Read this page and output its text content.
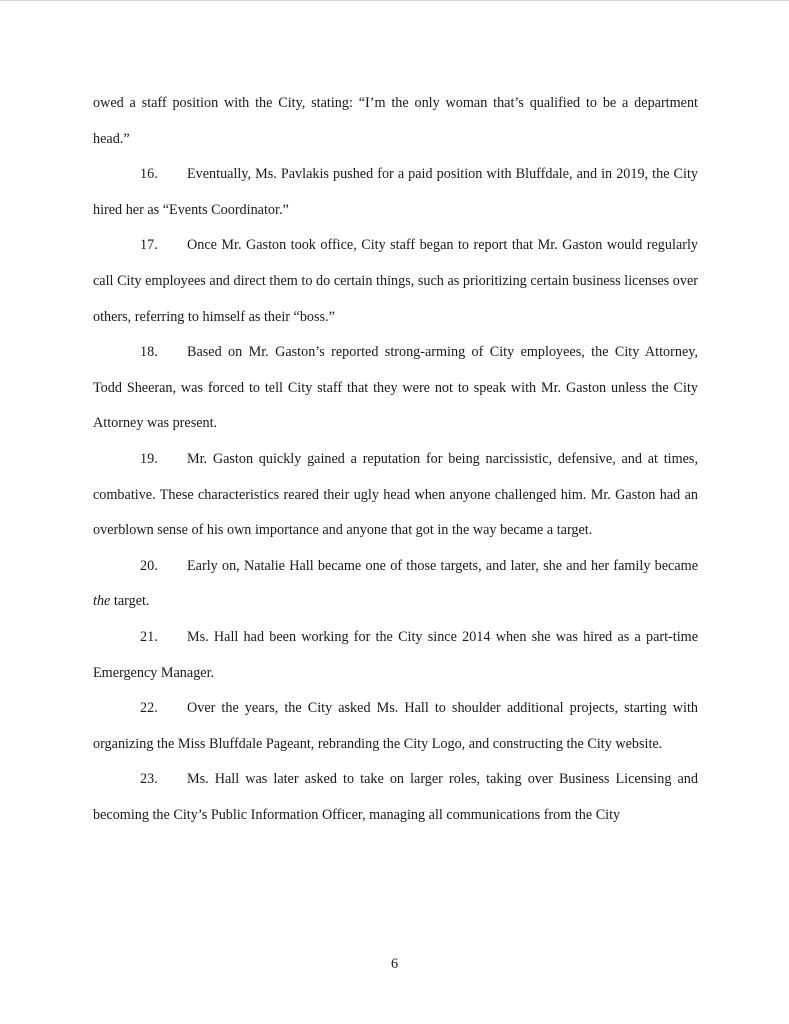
owed a staff position with the City, stating: “I’m the only woman that’s qualified to be a department head.”

16. Eventually, Ms. Pavlakis pushed for a paid position with Bluffdale, and in 2019, the City hired her as “Events Coordinator.”

17. Once Mr. Gaston took office, City staff began to report that Mr. Gaston would regularly call City employees and direct them to do certain things, such as prioritizing certain business licenses over others, referring to himself as their “boss.”

18. Based on Mr. Gaston’s reported strong-arming of City employees, the City Attorney, Todd Sheeran, was forced to tell City staff that they were not to speak with Mr. Gaston unless the City Attorney was present.

19. Mr. Gaston quickly gained a reputation for being narcissistic, defensive, and at times, combative. These characteristics reared their ugly head when anyone challenged him. Mr. Gaston had an overblown sense of his own importance and anyone that got in the way became a target.

20. Early on, Natalie Hall became one of those targets, and later, she and her family became the target.

21. Ms. Hall had been working for the City since 2014 when she was hired as a part-time Emergency Manager.

22. Over the years, the City asked Ms. Hall to shoulder additional projects, starting with organizing the Miss Bluffdale Pageant, rebranding the City Logo, and constructing the City website.

23. Ms. Hall was later asked to take on larger roles, taking over Business Licensing and becoming the City’s Public Information Officer, managing all communications from the City

6
